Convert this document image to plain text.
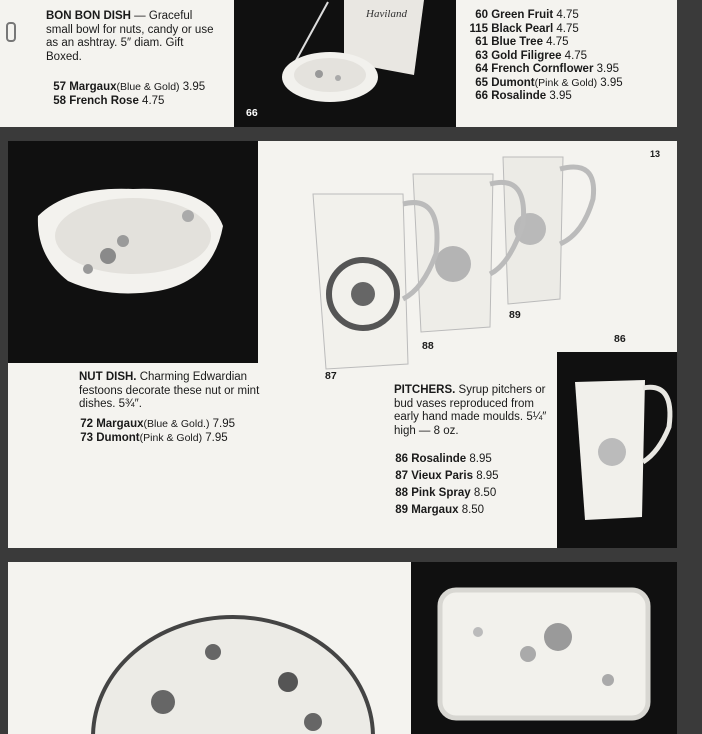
BON BON DISH — Graceful small bowl for nuts, candy or use as an ashtray. 5″ diam. Gift Boxed.
57 Margaux(Blue & Gold) 3.95
58 French Rose 4.75
Haviland
66
60 Green Fruit 4.75
115 Black Pearl 4.75
61 Blue Tree 4.75
63 Gold Filigree 4.75
64 French Cornflower 3.95
65 Dumont(Pink & Gold) 3.95
66 Rosalinde 3.95
NUT DISH. Charming Edwardian festoons decorate these nut or mint dishes. 5¾″.
72 Margaux(Blue & Gold.) 7.95
73 Dumont(Pink & Gold) 7.95
13
87
88
89
86
PITCHERS. Syrup pitchers or bud vases reproduced from early hand made moulds. 5¼″ high — 8 oz.
86 Rosalinde 8.95
87 Vieux Paris 8.95
88 Pink Spray 8.50
89 Margaux 8.50
